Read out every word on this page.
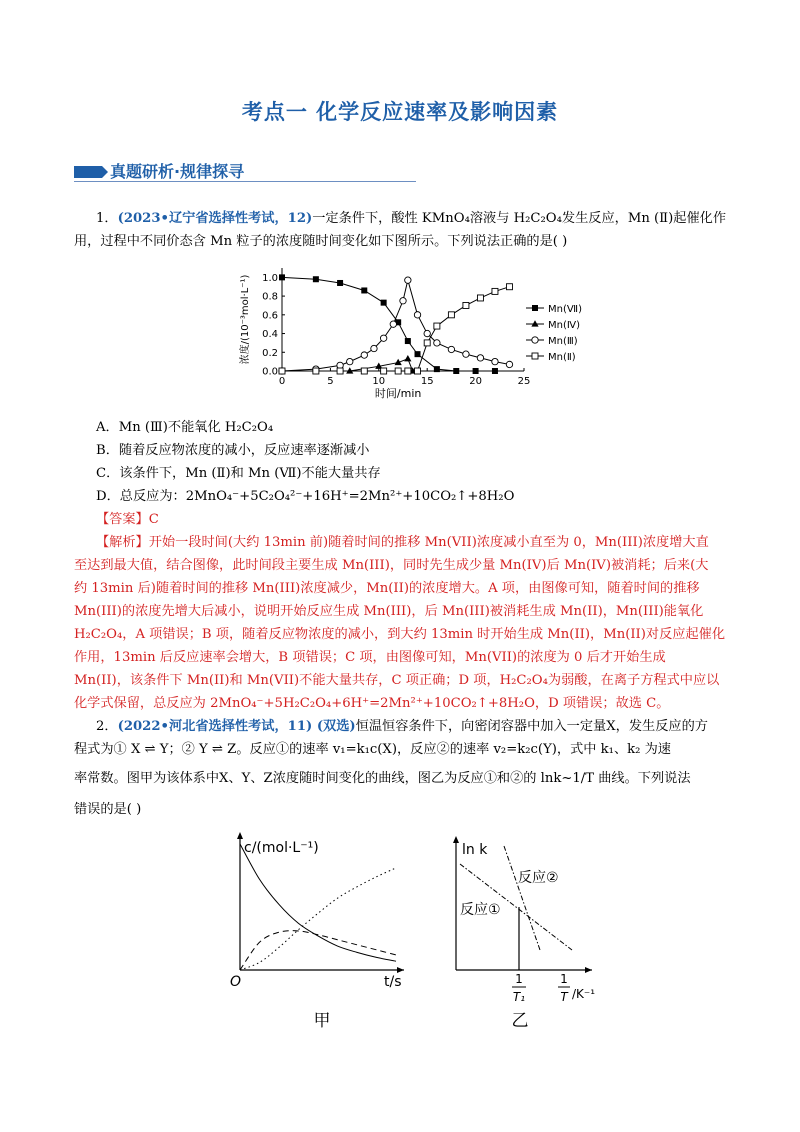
考点一 化学反应速率及影响因素
真题研析·规律探寻
1．(2023•辽宁省选择性考试，12)一定条件下，酸性 KMnO₄溶液与 H₂C₂O₄发生反应，Mn (Ⅱ)起催化作
用，过程中不同价态含 Mn 粒子的浓度随时间变化如下图所示。下列说法正确的是( )
0	5	10	15	20	25
0.0
0.2
0.4
0.6
0.8
1.0
时间/min
浓度/(10⁻³mol·L⁻¹)	Mn(Ⅶ)
Mn(Ⅳ)
Mn(Ⅲ)
Mn(Ⅱ)
A．Mn (Ⅲ)不能氧化 H₂C₂O₄
B．随着反应物浓度的减小，反应速率逐渐减小
C．该条件下，Mn (Ⅱ)和 Mn (Ⅶ)不能大量共存
D．总反应为：2MnO₄⁻+5C₂O₄²⁻+16H⁺=2Mn²⁺+10CO₂↑+8H₂O
【答案】C
【解析】开始一段时间(大约 13min 前)随着时间的推移 Mn(VII)浓度减小直至为 0，Mn(III)浓度增大直
至达到最大值，结合图像，此时间段主要生成 Mn(III)，同时先生成少量 Mn(IV)后 Mn(IV)被消耗；后来(大
约 13min 后)随着时间的推移 Mn(III)浓度减少，Mn(II)的浓度增大。A 项，由图像可知，随着时间的推移
Mn(III)的浓度先增大后减小，说明开始反应生成 Mn(III)，后 Mn(III)被消耗生成 Mn(II)，Mn(III)能氧化
H₂C₂O₄，A 项错误；B 项，随着反应物浓度的减小，到大约 13min 时开始生成 Mn(II)，Mn(II)对反应起催化
作用，13min 后反应速率会增大，B 项错误；C 项，由图像可知，Mn(VII)的浓度为 0 后才开始生成
Mn(II)，该条件下 Mn(II)和 Mn(VII)不能大量共存，C 项正确；D 项，H₂C₂O₄为弱酸，在离子方程式中应以
化学式保留，总反应为 2MnO₄⁻+5H₂C₂O₄+6H⁺=2Mn²⁺+10CO₂↑+8H₂O，D 项错误；故选 C。
2．(2022•河北省选择性考试，11) (双选)恒温恒容条件下，向密闭容器中加入一定量X，发生反应的方
程式为① X ⇌ Y；② Y ⇌ Z。反应①的速率 v₁=k₁c(X)，反应②的速率 v₂=k₂c(Y)，式中 k₁、k₂ 为速
率常数。图甲为该体系中X、Y、Z浓度随时间变化的曲线，图乙为反应①和②的 lnk~1/T 曲线。下列说法
错误的是( )
c/(mol·L⁻¹)
O	t/s
甲
ln k
反应②
反应①
1
T₁
1
T /K⁻¹
乙
